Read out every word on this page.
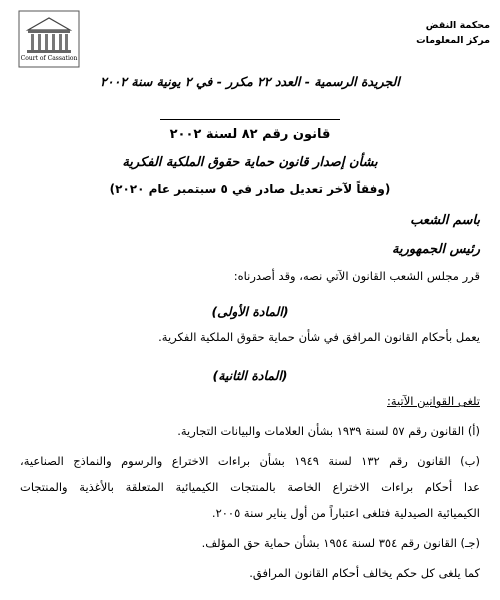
محكمة النقض
مركز المعلومات
Court of Cassation
الجريدة الرسمية - العدد ٢٢ مكرر - في ٢ يونية سنة ٢٠٠٢
قانون رقم ٨٢ لسنة ٢٠٠٢
بشأن إصدار قانون حماية حقوق الملكية الفكرية
(وفقاً لآخر تعديل صادر في ٥ سبتمبر عام ٢٠٢٠)
باسم الشعب
رئيس الجمهورية
قرر مجلس الشعب القانون الآتي نصه، وقد أصدرناه:
(المادة الأولى)
يعمل بأحكام القانون المرافق في شأن حماية حقوق الملكية الفكرية.
(المادة الثانية)
تلغى القوانين الآتية:
(أ) القانون رقم ٥٧ لسنة ١٩٣٩ بشأن العلامات والبيانات التجارية.
(ب) القانون رقم ١٣٢ لسنة ١٩٤٩ بشأن براءات الاختراع والرسوم والنماذج الصناعية،
عدا أحكام براءات الاختراع الخاصة بالمنتجات الكيميائية المتعلقة بالأغذية والمنتجات
الكيميائية الصيدلية فتلغى اعتباراً من أول يناير سنة ٢٠٠٥.
(جـ) القانون رقم ٣٥٤ لسنة ١٩٥٤ بشأن حماية حق المؤلف.
كما يلغى كل حكم يخالف أحكام القانون المرافق.
